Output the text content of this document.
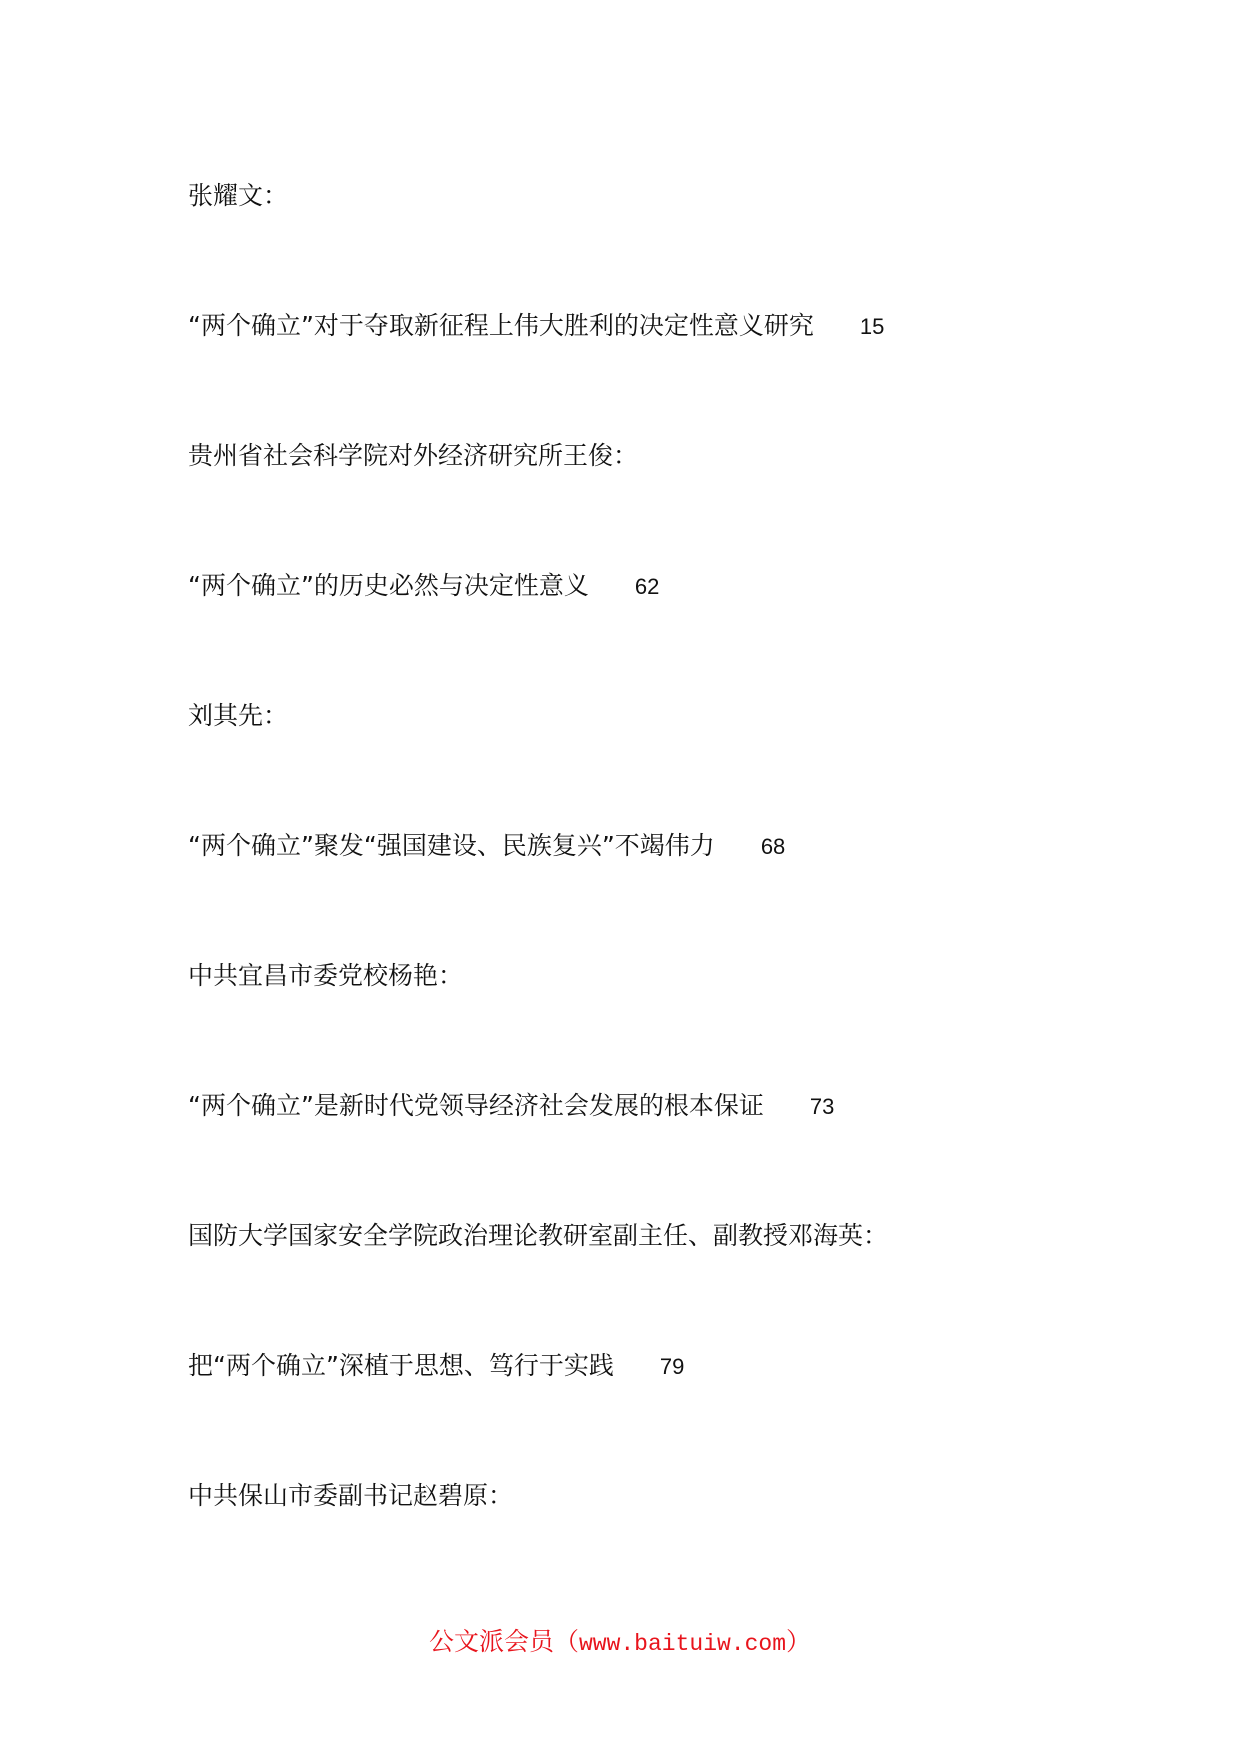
张耀文：
“两个确立”对于夺取新征程上伟大胜利的决定性意义研究 15
贵州省社会科学院对外经济研究所王俊：
“两个确立”的历史必然与决定性意义 62
刘其先：
“两个确立”聚发“强国建设、民族复兴”不竭伟力 68
中共宜昌市委党校杨艳：
“两个确立”是新时代党领导经济社会发展的根本保证 73
国防大学国家安全学院政治理论教研室副主任、副教授邓海英：
把“两个确立”深植于思想、笃行于实践 79
中共保山市委副书记赵碧原：
公文派会员（www.baituiw.com）
